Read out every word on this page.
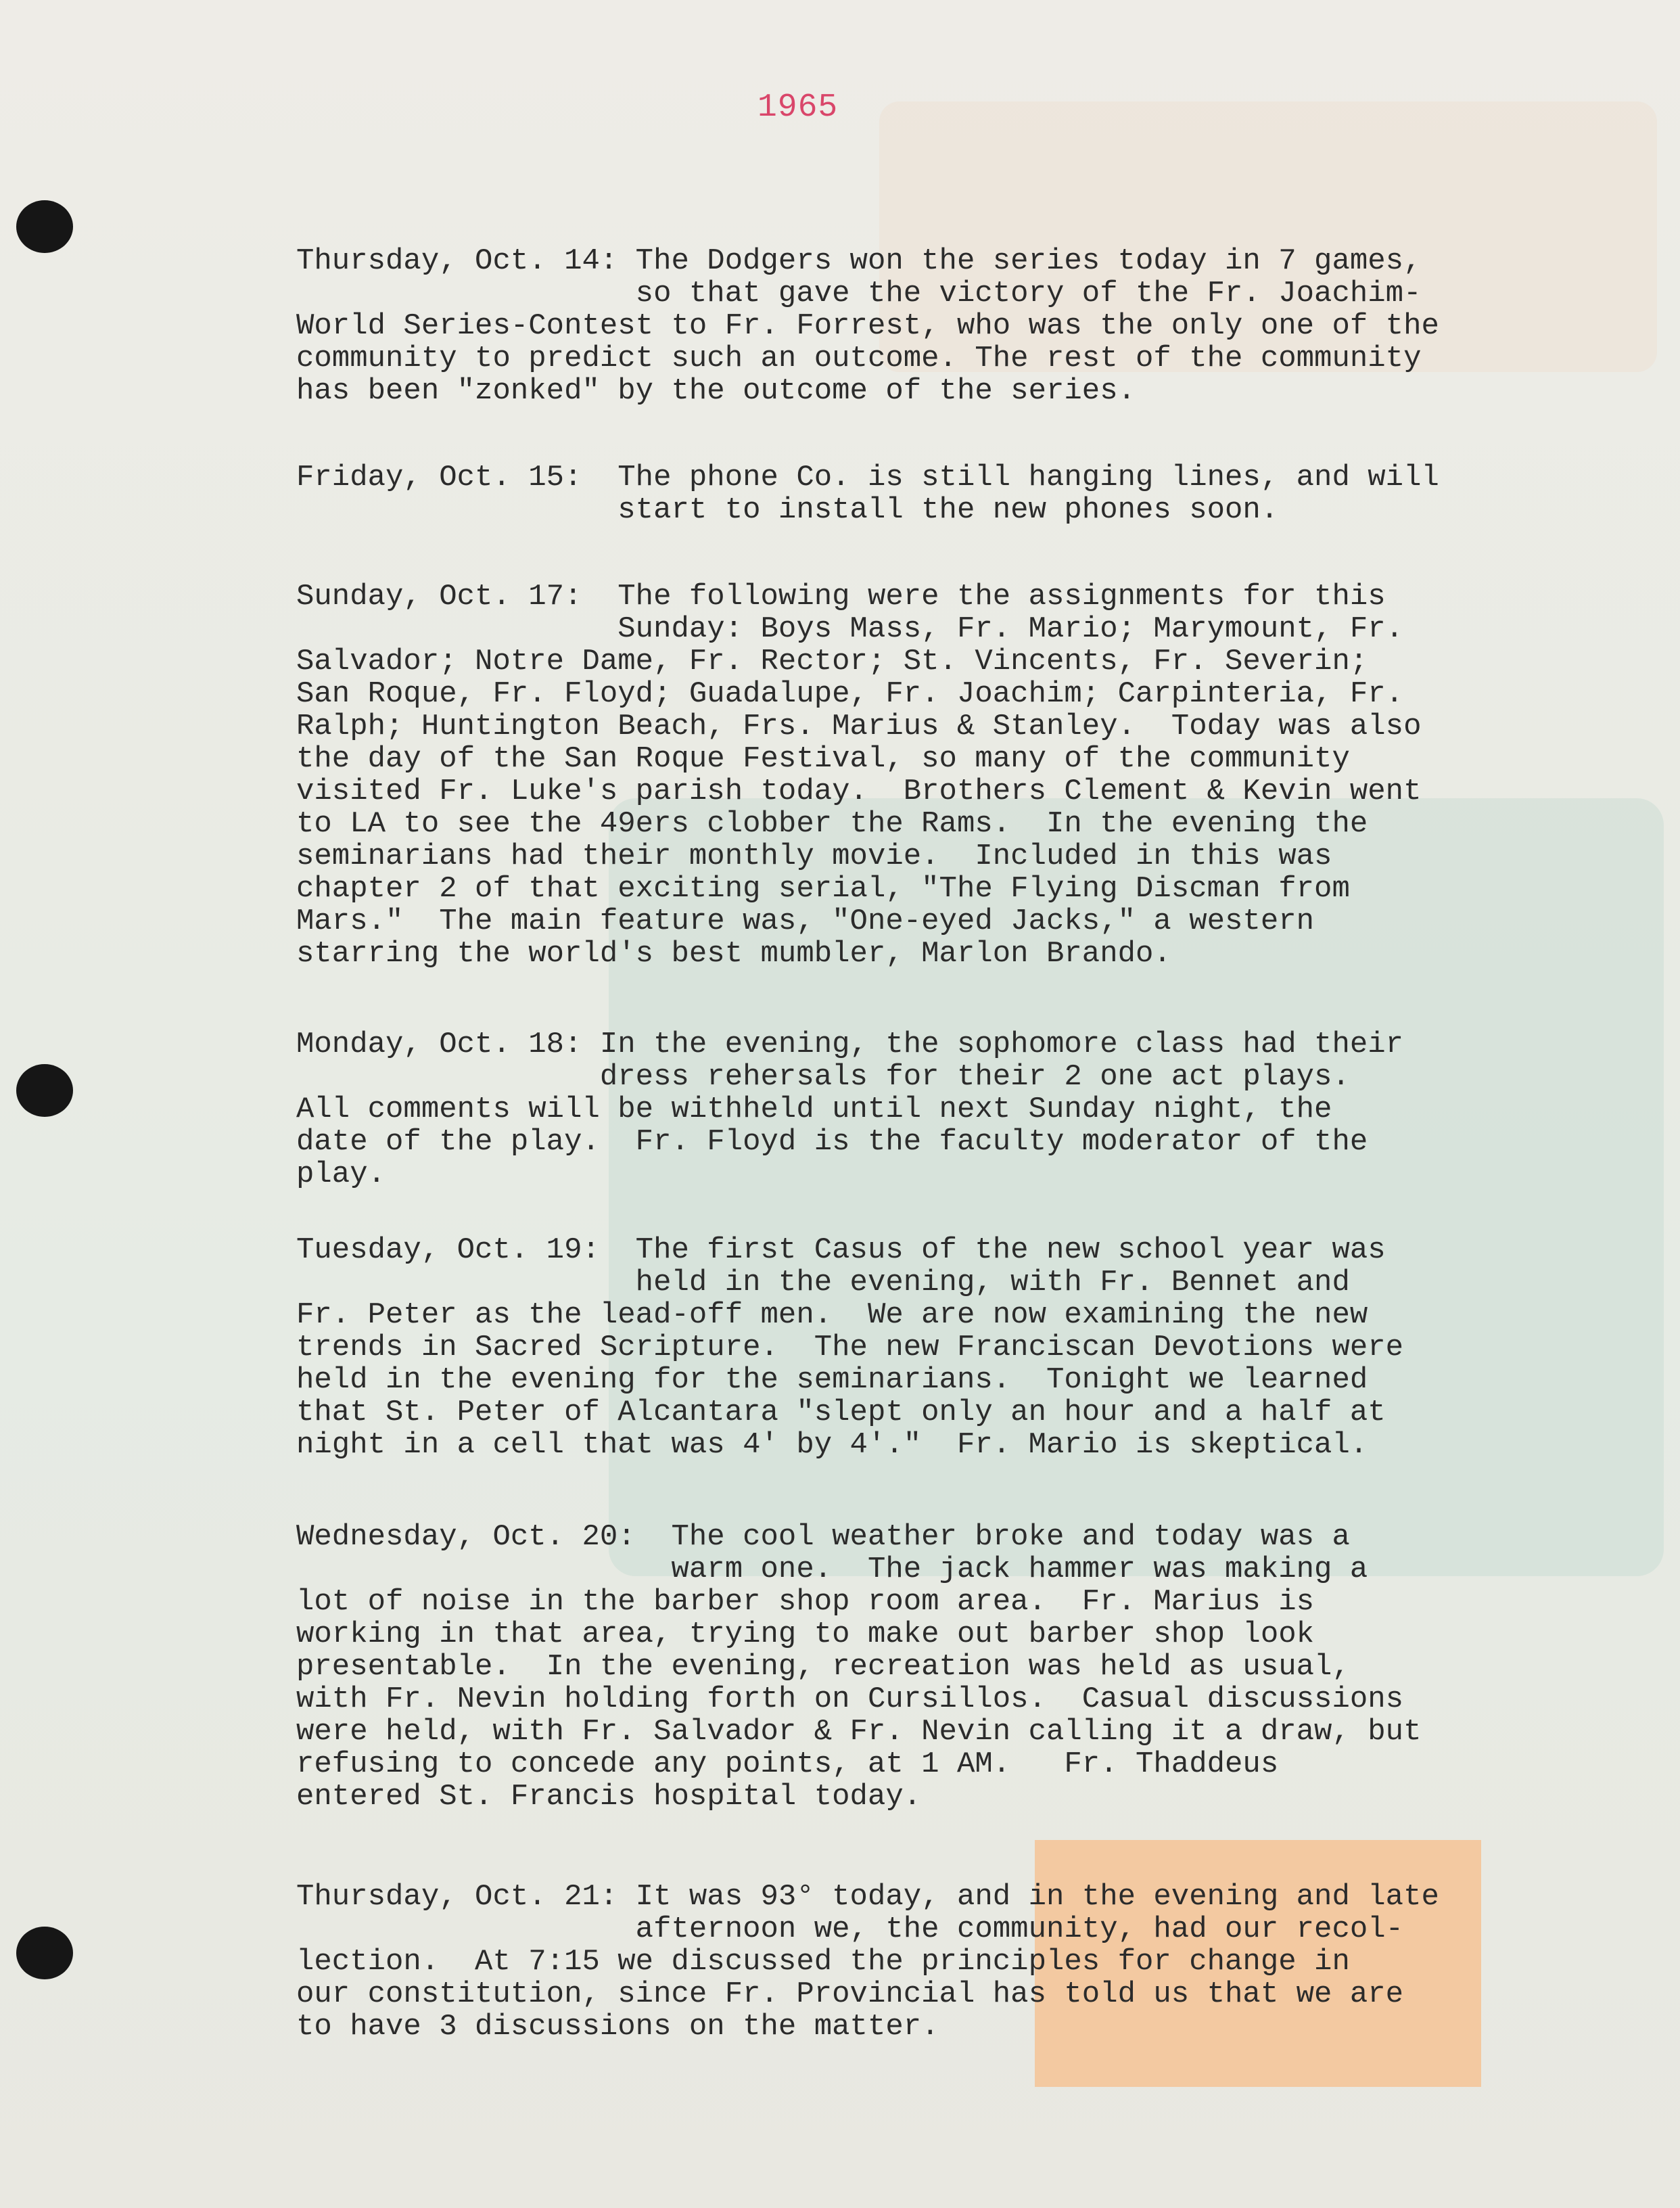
1965
Thursday, Oct. 14: The Dodgers won the series today in 7 games,
so that gave the victory of the Fr. Joachim-
World Series-Contest to Fr. Forrest, who was the only one of the
community to predict such an outcome. The rest of the community
has been "zonked" by the outcome of the series.
Friday, Oct. 15:  The phone Co. is still hanging lines, and will
start to install the new phones soon.
Sunday, Oct. 17:  The following were the assignments for this
Sunday: Boys Mass, Fr. Mario; Marymount, Fr.
Salvador; Notre Dame, Fr. Rector; St. Vincents, Fr. Severin;
San Roque, Fr. Floyd; Guadalupe, Fr. Joachim; Carpinteria, Fr.
Ralph; Huntington Beach, Frs. Marius & Stanley.  Today was also
the day of the San Roque Festival, so many of the community
visited Fr. Luke's parish today.  Brothers Clement & Kevin went
to LA to see the 49ers clobber the Rams.  In the evening the
seminarians had their monthly movie.  Included in this was
chapter 2 of that exciting serial, "The Flying Discman from
Mars."  The main feature was, "One-eyed Jacks," a western
starring the world's best mumbler, Marlon Brando.
Monday, Oct. 18: In the evening, the sophomore class had their
dress rehersals for their 2 one act plays.
All comments will be withheld until next Sunday night, the
date of the play.  Fr. Floyd is the faculty moderator of the
play.
Tuesday, Oct. 19:  The first Casus of the new school year was
held in the evening, with Fr. Bennet and
Fr. Peter as the lead-off men.  We are now examining the new
trends in Sacred Scripture.  The new Franciscan Devotions were
held in the evening for the seminarians.  Tonight we learned
that St. Peter of Alcantara "slept only an hour and a half at
night in a cell that was 4' by 4'."  Fr. Mario is skeptical.
Wednesday, Oct. 20:  The cool weather broke and today was a
warm one.  The jack hammer was making a
lot of noise in the barber shop room area.  Fr. Marius is
working in that area, trying to make out barber shop look
presentable.  In the evening, recreation was held as usual,
with Fr. Nevin holding forth on Cursillos.  Casual discussions
were held, with Fr. Salvador & Fr. Nevin calling it a draw, but
refusing to concede any points, at 1 AM.   Fr. Thaddeus
entered St. Francis hospital today.
Thursday, Oct. 21: It was 93° today, and in the evening and late
afternoon we, the community, had our recol-
lection.  At 7:15 we discussed the principles for change in
our constitution, since Fr. Provincial has told us that we are
to have 3 discussions on the matter.
